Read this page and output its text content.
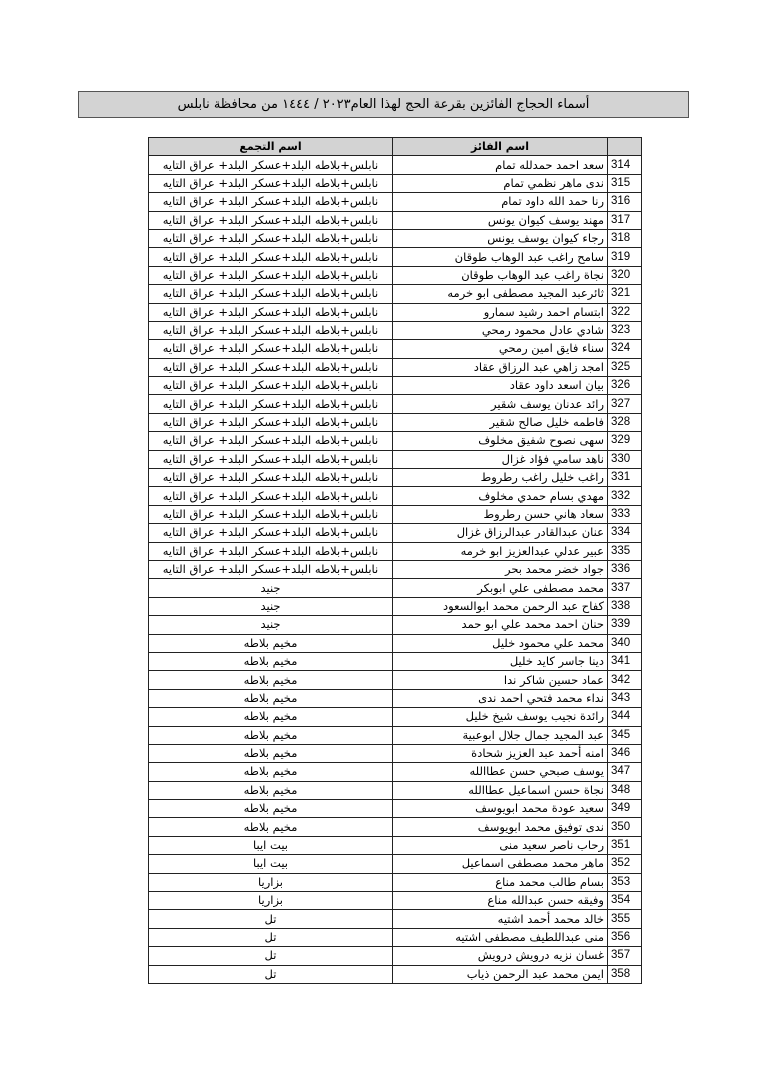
أسماء الحجاج الفائزين بقرعة الحج لهذا العام٢٠٢٣ / ١٤٤٤ من محافظة نابلس
	اسم الفائز	اسم التجمع
314	سعد احمد حمدلله تمام	نابلس+بلاطه البلد+عسكر البلد+ عراق التايه
315	ندى ماهر نظمي تمام	نابلس+بلاطه البلد+عسكر البلد+ عراق التايه
316	رنا حمد الله داود تمام	نابلس+بلاطه البلد+عسكر البلد+ عراق التايه
317	مهند يوسف كيوان يونس	نابلس+بلاطه البلد+عسكر البلد+ عراق التايه
318	رجاء كيوان يوسف يونس	نابلس+بلاطه البلد+عسكر البلد+ عراق التايه
319	سامح راغب عبد الوهاب طوقان	نابلس+بلاطه البلد+عسكر البلد+ عراق التايه
320	نجاة راغب عبد الوهاب طوقان	نابلس+بلاطه البلد+عسكر البلد+ عراق التايه
321	ثائرعبد المجيد مصطفى ابو خرمه	نابلس+بلاطه البلد+عسكر البلد+ عراق التايه
322	ابتسام احمد رشيد سمارو	نابلس+بلاطه البلد+عسكر البلد+ عراق التايه
323	شادي عادل محمود رمحي	نابلس+بلاطه البلد+عسكر البلد+ عراق التايه
324	سناء فايق امين رمحي	نابلس+بلاطه البلد+عسكر البلد+ عراق التايه
325	امجد زاهي عبد الرزاق عقاد	نابلس+بلاطه البلد+عسكر البلد+ عراق التايه
326	بيان اسعد داود عقاد	نابلس+بلاطه البلد+عسكر البلد+ عراق التايه
327	رائد عدنان يوسف شقير	نابلس+بلاطه البلد+عسكر البلد+ عراق التايه
328	فاطمه خليل صالح شقير	نابلس+بلاطه البلد+عسكر البلد+ عراق التايه
329	سهى نصوح شفيق مخلوف	نابلس+بلاطه البلد+عسكر البلد+ عراق التايه
330	ناهد سامي فؤاد غزال	نابلس+بلاطه البلد+عسكر البلد+ عراق التايه
331	راغب خليل راغب رطروط	نابلس+بلاطه البلد+عسكر البلد+ عراق التايه
332	مهدي بسام حمدي مخلوف	نابلس+بلاطه البلد+عسكر البلد+ عراق التايه
333	سعاد هاني حسن رطروط	نابلس+بلاطه البلد+عسكر البلد+ عراق التايه
334	عنان عبدالقادر عبدالرزاق غزال	نابلس+بلاطه البلد+عسكر البلد+ عراق التايه
335	عبير عدلي عبدالعزيز ابو خرمه	نابلس+بلاطه البلد+عسكر البلد+ عراق التايه
336	جواد خضر محمد بحر	نابلس+بلاطه البلد+عسكر البلد+ عراق التايه
337	محمد مصطفى علي ابوبكر	جنيد
338	كفاح عبد الرحمن محمد ابوالسعود	جنيد
339	حنان احمد محمد علي ابو حمد	جنيد
340	محمد علي محمود خليل	مخيم بلاطه
341	دينا جاسر كايد خليل	مخيم بلاطه
342	عماد حسين شاكر ندا	مخيم بلاطه
343	نداء محمد فتحي احمد ندى	مخيم بلاطه
344	رائدة نجيب يوسف شيخ خليل	مخيم بلاطه
345	عبد المجيد جمال جلال ابوعبية	مخيم بلاطه
346	امنه أحمد عبد العزيز شحادة	مخيم بلاطه
347	يوسف صبحي حسن عطاالله	مخيم بلاطه
348	نجاة حسن اسماعيل عطاالله	مخيم بلاطه
349	سعيد عودة محمد ابويوسف	مخيم بلاطه
350	ندى توفيق محمد ابويوسف	مخيم بلاطه
351	رحاب ناصر سعيد منى	بيت ايبا
352	ماهر محمد مصطفى اسماعيل	بيت ايبا
353	بسام طالب محمد مناع	بزاريا
354	وفيقه حسن عبدالله مناع	بزاريا
355	خالد محمد أحمد اشتيه	تل
356	منى عبداللطيف مصطفى اشتيه	تل
357	غسان نزيه درويش درويش	تل
358	ايمن محمد عبد الرحمن ذياب	تل
